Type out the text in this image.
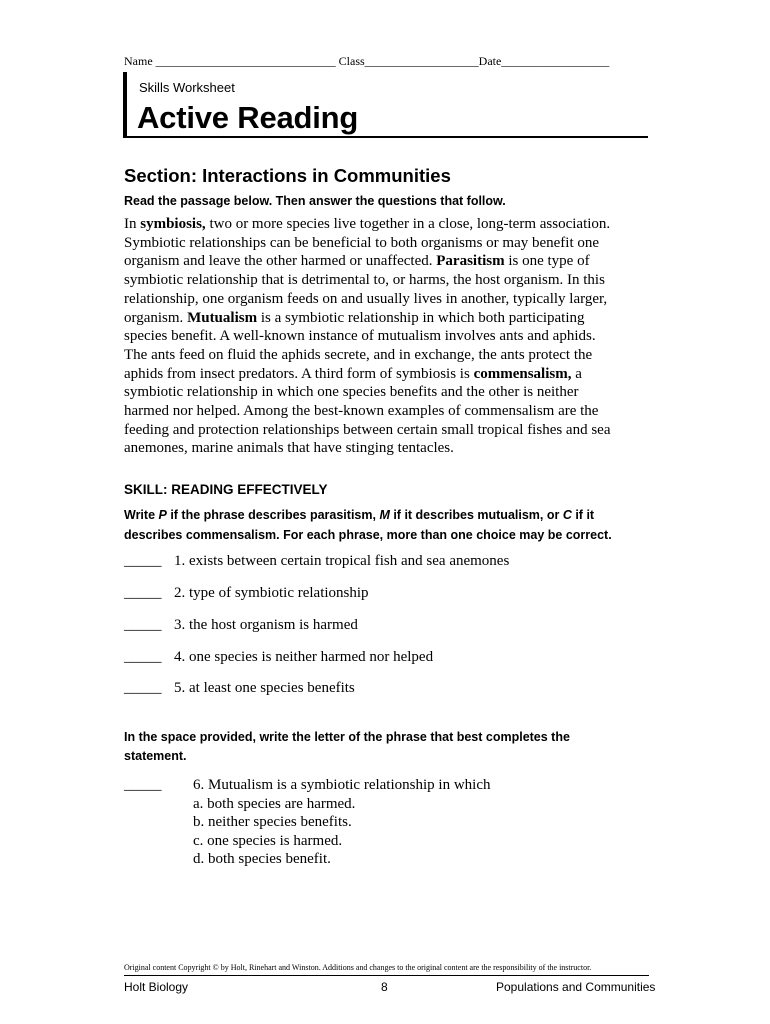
Name ______________________________ Class___________________Date__________________
Skills Worksheet
Active Reading
Section: Interactions in Communities
Read the passage below. Then answer the questions that follow.

In symbiosis, two or more species live together in a close, long-term association.
Symbiotic relationships can be beneficial to both organisms or may benefit one
organism and leave the other harmed or unaffected. Parasitism is one type of
symbiotic relationship that is detrimental to, or harms, the host organism. In this
relationship, one organism feeds on and usually lives in another, typically larger,
organism. Mutualism is a symbiotic relationship in which both participating
species benefit. A well-known instance of mutualism involves ants and aphids.
The ants feed on fluid the aphids secrete, and in exchange, the ants protect the
aphids from insect predators. A third form of symbiosis is commensalism, a
symbiotic relationship in which one species benefits and the other is neither
harmed nor helped. Among the best-known examples of commensalism are the
feeding and protection relationships between certain small tropical fishes and sea
anemones, marine animals that have stinging tentacles.

SKILL: READING EFFECTIVELY
Write P if the phrase describes parasitism, M if it describes mutualism, or C if it
describes commensalism. For each phrase, more than one choice may be correct.
_____ 1. exists between certain tropical fish and sea anemones
_____ 2. type of symbiotic relationship
_____ 3. the host organism is harmed
_____ 4. one species is neither harmed nor helped
_____ 5. at least one species benefits
In the space provided, write the letter of the phrase that best completes the
statement.
_____ 6. Mutualism is a symbiotic relationship in which
a. both species are harmed.
b. neither species benefits.
c. one species is harmed.
d. both species benefit.
Original content Copyright © by Holt, Rinehart and Winston. Additions and changes to the original content are the responsibility of the instructor.
Holt Biology	8	Populations and Communities
